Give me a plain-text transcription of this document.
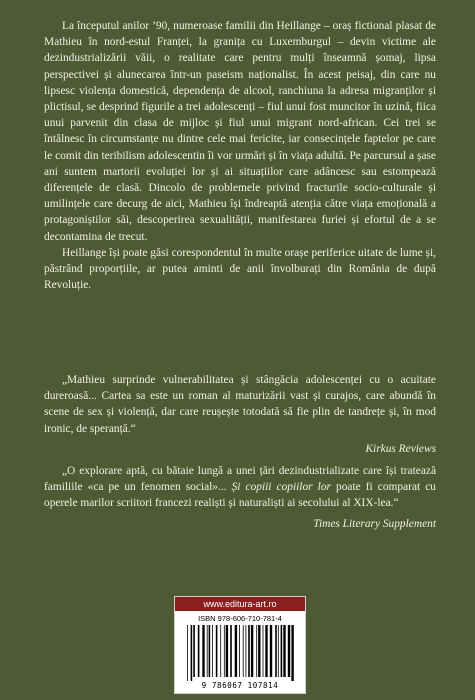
La începutul anilor ’90, numeroase familii din Heillange – oraș fictional plasat de Mathieu în nord-estul Franței, la granița cu Luxemburgul – devin victime ale dezindustrializării văii, o realitate care pentru mulți înseamnă șomaj, lipsa perspectivei și alunecarea într-un paseism naționalist. În acest peisaj, din care nu lipsesc violența domestică, dependența de alcool, ranchiuna la adresa migranților și plictisul, se desprind figurile a trei adolescenți – fiul unui fost muncitor în uzină, fiica unui parvenit din clasa de mijloc și fiul unui migrant nord-african. Cei trei se întâlnesc în circumstanțe nu dintre cele mai fericite, iar consecințele faptelor pe care le comit din teribilism adolescentin îi vor urmări și în viața adultă. Pe parcursul a șase ani suntem martorii evoluției lor și ai situațiilor care adâncesc sau estompează diferențele de clasă. Dincolo de problemele privind fracturile socio-culturale și umilințele care decurg de aici, Mathieu își îndreaptă atenția către viața emoțională a protagoniștilor săi, descoperirea sexualității, manifestarea furiei și efortul de a se decontamina de trecut.

Heillange își poate găsi corespondentul în multe orașe periferice uitate de lume și, păstrând proporțiile, ar putea aminti de anii învolburați din România de după Revoluție.

„Mathieu surprinde vulnerabilitatea și stângăcia adolescenței cu o acuitate dureroasă... Cartea sa este un roman al maturizării vast și curajos, care abundă în scene de sex și violență, dar care reușește totodată să fie plin de tandrețe și, în mod ironic, de speranță.“

Kirkus Reviews

„O explorare aptă, cu bătaie lungă a unei țări dezindustrializate care își tratează familiile «ca pe un fenomen social»... Și copiii copiilor lor poate fi comparat cu operele marilor scriitori francezi realiști și naturaliști ai secolului al XIX-lea.“

Times Literary Supplement
www.editura-art.ro
ISBN 978-606-710-781-4
9 786067 107814
